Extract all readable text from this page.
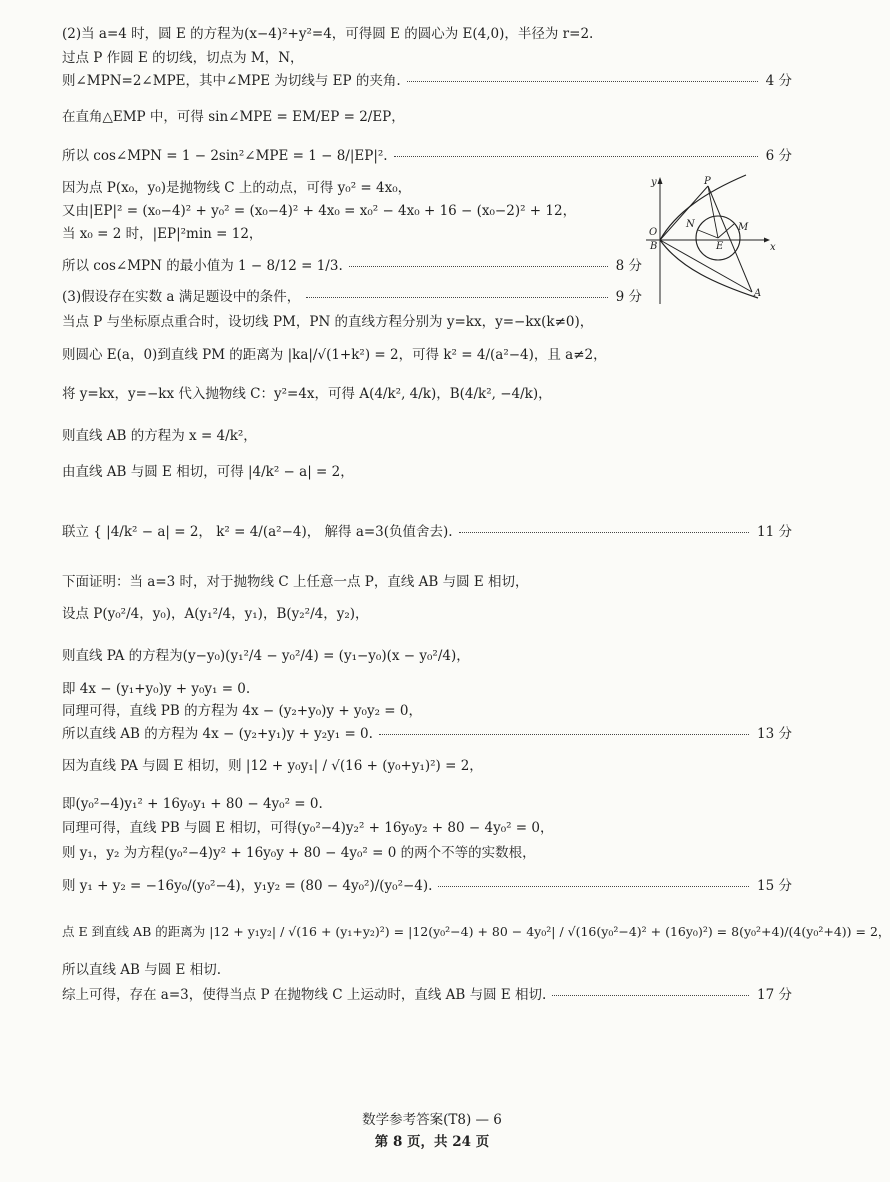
(2)当 a=4 时，圆 E 的方程为(x−4)²+y²=4，可得圆 E 的圆心为 E(4,0)，半径为 r=2.
过点 P 作圆 E 的切线，切点为 M，N，
则∠MPN=2∠MPE，其中∠MPE 为切线与 EP 的夹角.	4 分
在直角△EMP 中，可得 sin∠MPE = EM/EP = 2/EP，
所以 cos∠MPN = 1 − 2sin²∠MPE = 1 − 8/|EP|².	6 分
因为点 P(x₀，y₀)是抛物线 C 上的动点，可得 y₀² = 4x₀，
又由|EP|² = (x₀−4)² + y₀² = (x₀−4)² + 4x₀ = x₀² − 4x₀ + 16 − (x₀−2)² + 12，
当 x₀ = 2 时，|EP|²min = 12，
所以 cos∠MPN 的最小值为 1 − 8/12 = 1/3.	8 分
(3)假设存在实数 a 满足题设中的条件，	9 分
当点 P 与坐标原点重合时，设切线 PM，PN 的直线方程分别为 y=kx，y=−kx(k≠0)，
则圆心 E(a，0)到直线 PM 的距离为 |ka|/√(1+k²) = 2，可得 k² = 4/(a²−4)，且 a≠2，
将 y=kx，y=−kx 代入抛物线 C：y²=4x，可得 A(4/k², 4/k)，B(4/k², −4/k)，
则直线 AB 的方程为 x = 4/k²，
由直线 AB 与圆 E 相切，可得 |4/k² − a| = 2，
联立 { |4/k² − a| = 2， k² = 4/(a²−4)， 解得 a=3(负值舍去).	11 分
下面证明：当 a=3 时，对于抛物线 C 上任意一点 P，直线 AB 与圆 E 相切，
设点 P(y₀²/4，y₀)，A(y₁²/4，y₁)，B(y₂²/4，y₂)，
则直线 PA 的方程为(y−y₀)(y₁²/4 − y₀²/4) = (y₁−y₀)(x − y₀²/4)，
即 4x − (y₁+y₀)y + y₀y₁ = 0.
同理可得，直线 PB 的方程为 4x − (y₂+y₀)y + y₀y₂ = 0，
所以直线 AB 的方程为 4x − (y₂+y₁)y + y₂y₁ = 0.	13 分
因为直线 PA 与圆 E 相切，则 |12 + y₀y₁| / √(16 + (y₀+y₁)²) = 2，
即(y₀²−4)y₁² + 16y₀y₁ + 80 − 4y₀² = 0.
同理可得，直线 PB 与圆 E 相切，可得(y₀²−4)y₂² + 16y₀y₂ + 80 − 4y₀² = 0，
则 y₁，y₂ 为方程(y₀²−4)y² + 16y₀y + 80 − 4y₀² = 0 的两个不等的实数根，
则 y₁ + y₂ = −16y₀/(y₀²−4)，y₁y₂ = (80 − 4y₀²)/(y₀²−4).	15 分
点 E 到直线 AB 的距离为 |12 + y₁y₂| / √(16 + (y₁+y₂)²) = |12(y₀²−4) + 80 − 4y₀²| / √(16(y₀²−4)² + (16y₀)²) = 8(y₀²+4)/(4(y₀²+4)) = 2，
所以直线 AB 与圆 E 相切.
综上可得，存在 a=3，使得当点 P 在抛物线 C 上运动时，直线 AB 与圆 E 相切.	17 分
y
x
O
B
P
N
E
M
A
数学参考答案(T8) — 6
第 8 页，共 24 页
